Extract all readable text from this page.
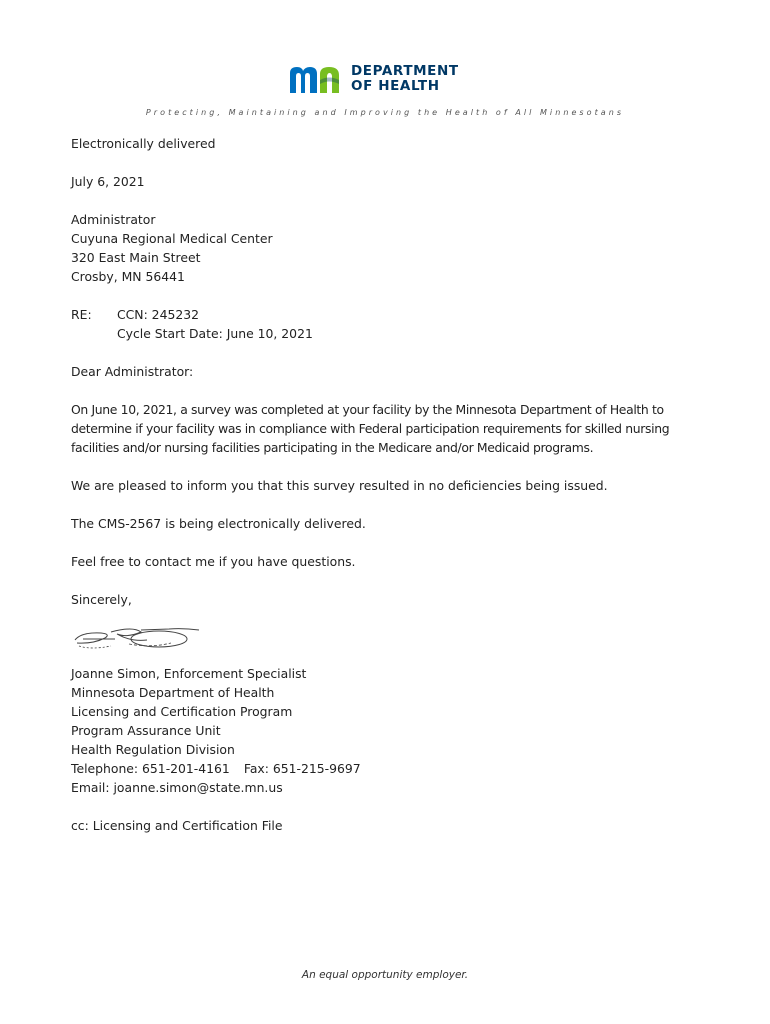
DEPARTMENT
OF HEALTH
Protecting, Maintaining and Improving the Health of All Minnesotans

Electronically delivered

July 6, 2021

Administrator
Cuyuna Regional Medical Center
320 East Main Street
Crosby, MN 56441
RE:	CCN: 245232
Cycle Start Date: June 10, 2021

Dear Administrator:

On June 10, 2021, a survey was completed at your facility by the Minnesota Department of Health to determine if your facility was in compliance with Federal participation requirements for skilled nursing facilities and/or nursing facilities participating in the Medicare and/or Medicaid programs.

We are pleased to inform you that this survey resulted in no deficiencies being issued.

The CMS-2567 is being electronically delivered.

Feel free to contact me if you have questions.

Sincerely,

Joanne Simon, Enforcement Specialist
Minnesota Department of Health
Licensing and Certification Program
Program Assurance Unit
Health Regulation Division
Telephone: 651-201-4161 Fax: 651-215-9697
Email: joanne.simon@state.mn.us

cc: Licensing and Certification File

An equal opportunity employer.
